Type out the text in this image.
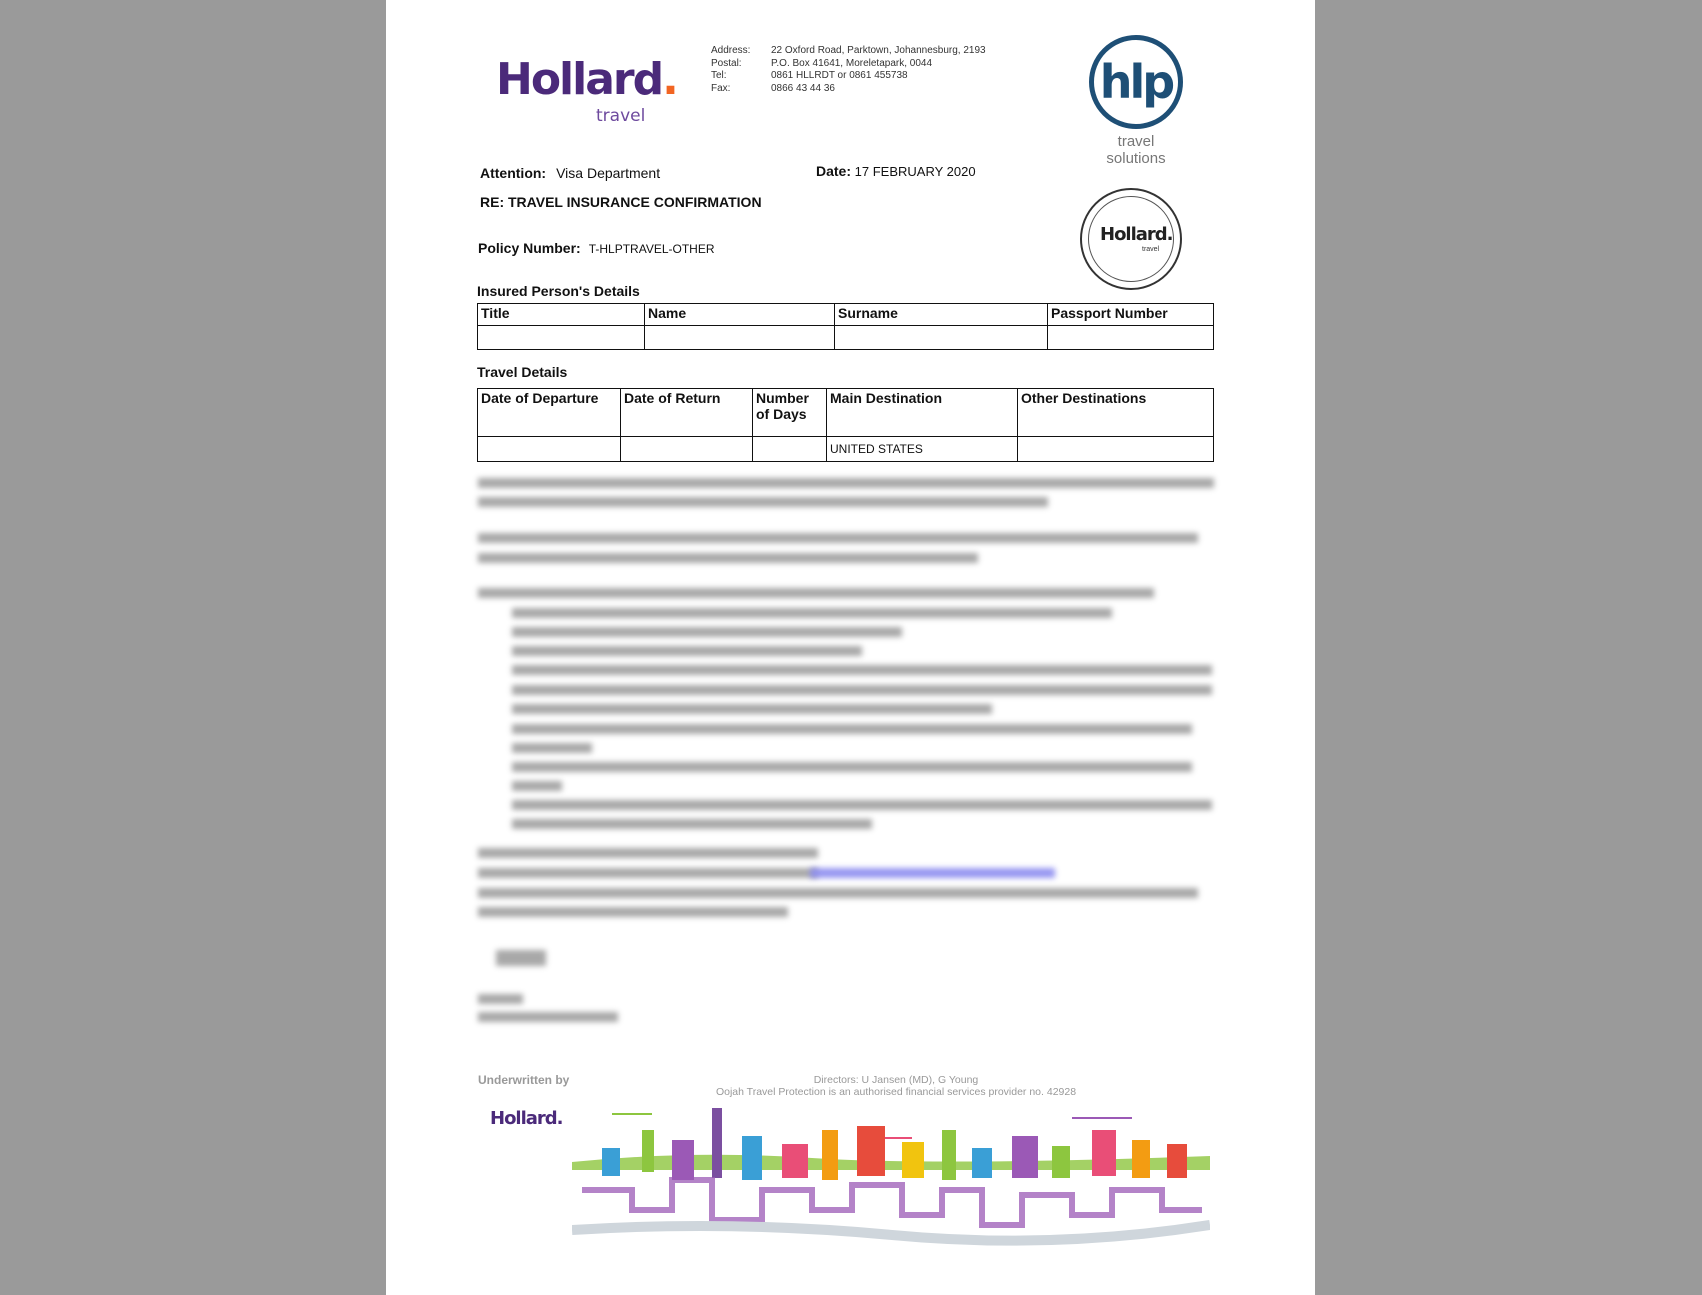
Hollard.
travel
Address:	22 Oxford Road, Parktown, Johannesburg, 2193
Postal:	P.O. Box 41641, Moreletapark, 0044
Tel:	0861 HLLRDT or 0861 455738
Fax:	0866 43 44 36	hlp
travel
solutions
Attention: Visa Department	Date: 17 FEBRUARY 2020
RE: TRAVEL INSURANCE CONFIRMATION
Hollard.
travel
Policy Number: T-HLPTRAVEL-OTHER
Insured Person's Details
Title	Name	Surname	Passport Number

Travel Details
Date of Departure	Date of Return	Number of Days	Main Destination	Other Destinations
			UNITED STATES	
Underwritten by	Directors: U Jansen (MD), G Young
Oojah Travel Protection is an authorised financial services provider no. 42928
Hollard.
